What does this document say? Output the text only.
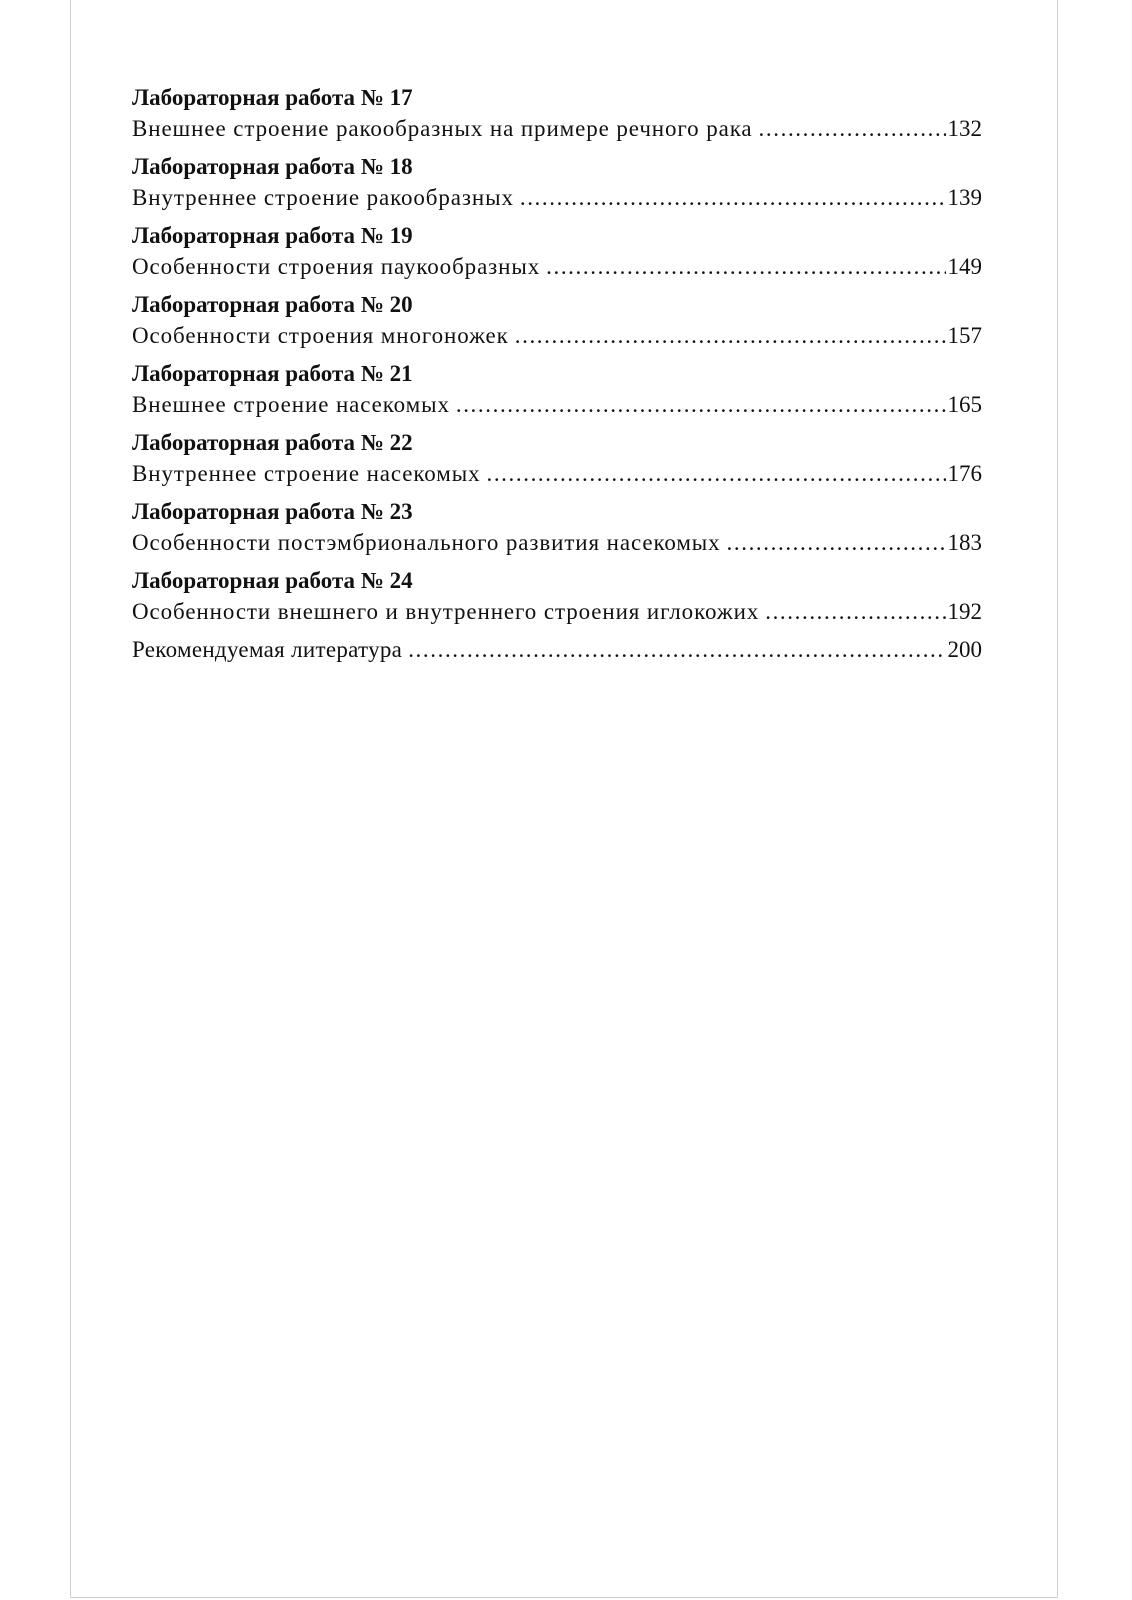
Лабораторная работа № 17
Внешнее строение ракообразных на примере речного рака .....	132
Лабораторная работа № 18
Внутреннее строение ракообразных .....	139
Лабораторная работа № 19
Особенности строения паукообразных .....	149
Лабораторная работа № 20
Особенности строения многоножек .....	157
Лабораторная работа № 21
Внешнее строение насекомых .....	165
Лабораторная работа № 22
Внутреннее строение насекомых .....	176
Лабораторная работа № 23
Особенности постэмбрионального развития насекомых .....	183
Лабораторная работа № 24
Особенности внешнего и внутреннего строения иглокожих .....	192
Рекомендуемая литература .....	200
